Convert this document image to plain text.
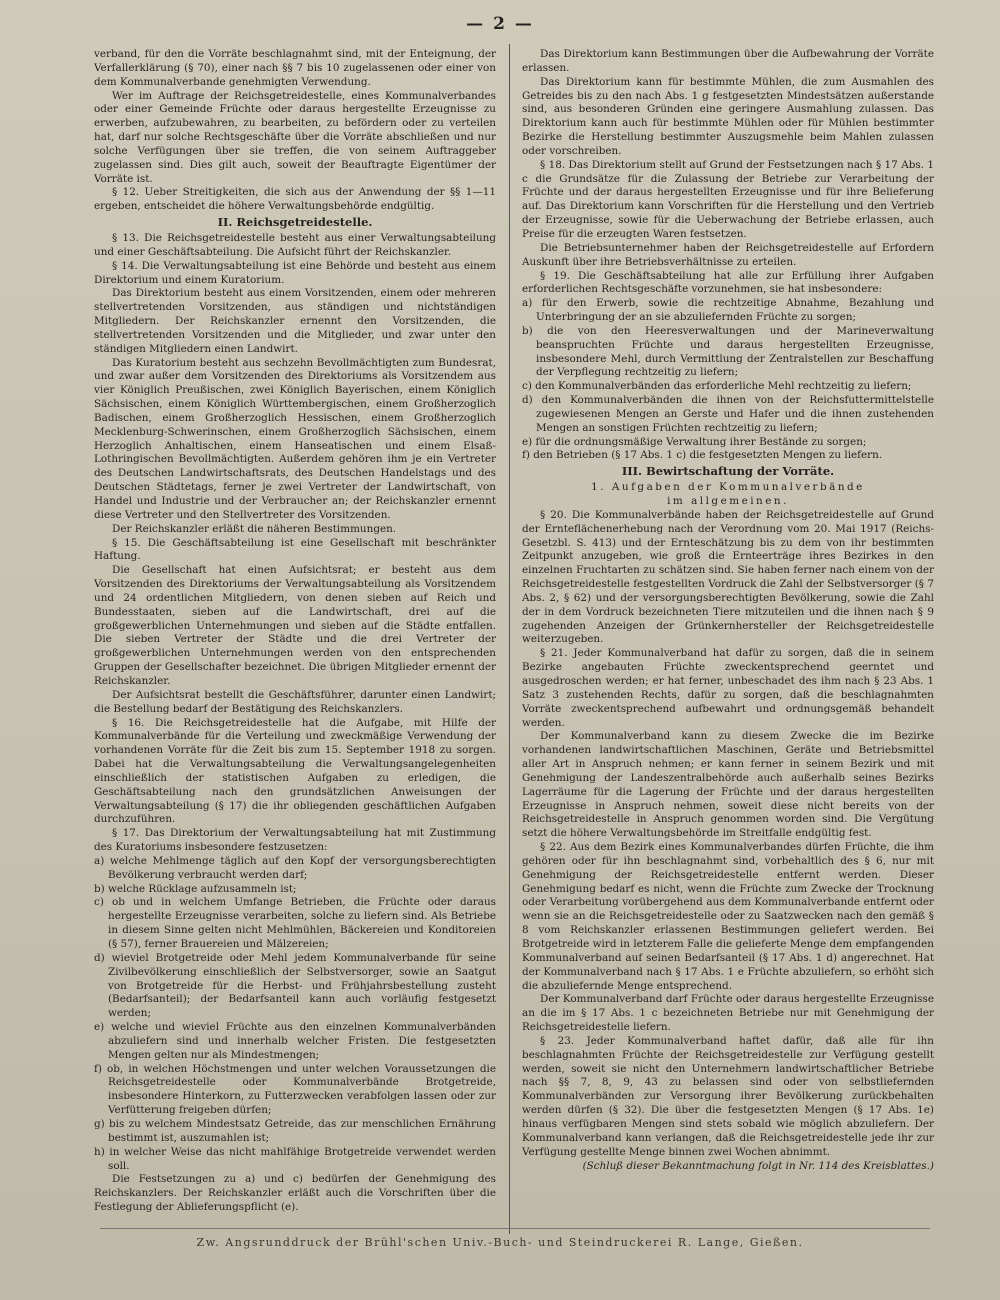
— 2 —

verband, für den die Vorräte beschlagnahmt sind, mit der Enteignung, der Verfallerklärung (§ 70), einer nach §§ 7 bis 10 zugelassenen oder einer von dem Kommunalverbande genehmigten Verwendung.

Wer im Auftrage der Reichsgetreidestelle, eines Kommunalverbandes oder einer Gemeinde Früchte oder daraus hergestellte Erzeugnisse zu erwerben, aufzubewahren, zu bearbeiten, zu befördern oder zu verteilen hat, darf nur solche Rechtsgeschäfte über die Vorräte abschließen und nur solche Verfügungen über sie treffen, die von seinem Auftraggeber zugelassen sind. Dies gilt auch, soweit der Beauftragte Eigentümer der Vorräte ist.

§ 12. Ueber Streitigkeiten, die sich aus der Anwendung der §§ 1—11 ergeben, entscheidet die höhere Verwaltungsbehörde endgültig.

II. Reichsgetreidestelle.

§ 13. Die Reichsgetreidestelle besteht aus einer Verwaltungsabteilung und einer Geschäftsabteilung. Die Aufsicht führt der Reichskanzler.

§ 14. Die Verwaltungsabteilung ist eine Behörde und besteht aus einem Direktorium und einem Kuratorium.

Das Direktorium besteht aus einem Vorsitzenden, einem oder mehreren stellvertretenden Vorsitzenden, aus ständigen und nichtständigen Mitgliedern. Der Reichskanzler ernennt den Vorsitzenden, die stellvertretenden Vorsitzenden und die Mitglieder, und zwar unter den ständigen Mitgliedern einen Landwirt.

Das Kuratorium besteht aus sechzehn Bevollmächtigten zum Bundesrat, und zwar außer dem Vorsitzenden des Direktoriums als Vorsitzendem aus vier Königlich Preußischen, zwei Königlich Bayerischen, einem Königlich Sächsischen, einem Königlich Württembergischen, einem Großherzoglich Badischen, einem Großherzoglich Hessischen, einem Großherzoglich Mecklenburg-Schwerinschen, einem Großherzoglich Sächsischen, einem Herzoglich Anhaltischen, einem Hanseatischen und einem Elsaß-Lothringischen Bevollmächtigten. Außerdem gehören ihm je ein Vertreter des Deutschen Landwirtschaftsrats, des Deutschen Handelstags und des Deutschen Städtetags, ferner je zwei Vertreter der Landwirtschaft, von Handel und Industrie und der Verbraucher an; der Reichskanzler ernennt diese Vertreter und den Stellvertreter des Vorsitzenden.

Der Reichskanzler erläßt die näheren Bestimmungen.

§ 15. Die Geschäftsabteilung ist eine Gesellschaft mit beschränkter Haftung.

Die Gesellschaft hat einen Aufsichtsrat; er besteht aus dem Vorsitzenden des Direktoriums der Verwaltungsabteilung als Vorsitzendem und 24 ordentlichen Mitgliedern, von denen sieben auf Reich und Bundesstaaten, sieben auf die Landwirtschaft, drei auf die großgewerblichen Unternehmungen und sieben auf die Städte entfallen. Die sieben Vertreter der Städte und die drei Vertreter der großgewerblichen Unternehmungen werden von den entsprechenden Gruppen der Gesellschafter bezeichnet. Die übrigen Mitglieder ernennt der Reichskanzler.

Der Aufsichtsrat bestellt die Geschäftsführer, darunter einen Landwirt; die Bestellung bedarf der Bestätigung des Reichskanzlers.

§ 16. Die Reichsgetreidestelle hat die Aufgabe, mit Hilfe der Kommunalverbände für die Verteilung und zweckmäßige Verwendung der vorhandenen Vorräte für die Zeit bis zum 15. September 1918 zu sorgen. Dabei hat die Verwaltungsabteilung die Verwaltungsangelegenheiten einschließlich der statistischen Aufgaben zu erledigen, die Geschäftsabteilung nach den grundsätzlichen Anweisungen der Verwaltungsabteilung (§ 17) die ihr obliegenden geschäftlichen Aufgaben durchzuführen.

§ 17. Das Direktorium der Verwaltungsabteilung hat mit Zustimmung des Kuratoriums insbesondere festzusetzen:

a) welche Mehlmenge täglich auf den Kopf der versorgungsberechtigten Bevölkerung verbraucht werden darf;

b) welche Rücklage aufzusammeln ist;

c) ob und in welchem Umfange Betrieben, die Früchte oder daraus hergestellte Erzeugnisse verarbeiten, solche zu liefern sind. Als Betriebe in diesem Sinne gelten nicht Mehlmühlen, Bäckereien und Konditoreien (§ 57), ferner Brauereien und Mälzereien;

d) wieviel Brotgetreide oder Mehl jedem Kommunalverbande für seine Zivilbevölkerung einschließlich der Selbstversorger, sowie an Saatgut von Brotgetreide für die Herbst- und Frühjahrsbestellung zusteht (Bedarfsanteil); der Bedarfsanteil kann auch vorläufig festgesetzt werden;

e) welche und wieviel Früchte aus den einzelnen Kommunalverbänden abzuliefern sind und innerhalb welcher Fristen. Die festgesetzten Mengen gelten nur als Mindestmengen;

f) ob, in welchen Höchstmengen und unter welchen Voraussetzungen die Reichsgetreidestelle oder Kommunalverbände Brotgetreide, insbesondere Hinterkorn, zu Futterzwecken verabfolgen lassen oder zur Verfütterung freigeben dürfen;

g) bis zu welchem Mindestsatz Getreide, das zur menschlichen Ernährung bestimmt ist, auszumahlen ist;

h) in welcher Weise das nicht mahlfähige Brotgetreide verwendet werden soll.

Die Festsetzungen zu a) und c) bedürfen der Genehmigung des Reichskanzlers. Der Reichskanzler erläßt auch die Vorschriften über die Festlegung der Ablieferungspflicht (e).

Das Direktorium kann Bestimmungen über die Aufbewahrung der Vorräte erlassen.

Das Direktorium kann für bestimmte Mühlen, die zum Ausmahlen des Getreides bis zu den nach Abs. 1 g festgesetzten Mindestsätzen außerstande sind, aus besonderen Gründen eine geringere Ausmahlung zulassen. Das Direktorium kann auch für bestimmte Mühlen oder für Mühlen bestimmter Bezirke die Herstellung bestimmter Auszugsmehle beim Mahlen zulassen oder vorschreiben.

§ 18. Das Direktorium stellt auf Grund der Festsetzungen nach § 17 Abs. 1 c die Grundsätze für die Zulassung der Betriebe zur Verarbeitung der Früchte und der daraus hergestellten Erzeugnisse und für ihre Belieferung auf. Das Direktorium kann Vorschriften für die Herstellung und den Vertrieb der Erzeugnisse, sowie für die Ueberwachung der Betriebe erlassen, auch Preise für die erzeugten Waren festsetzen.

Die Betriebsunternehmer haben der Reichsgetreidestelle auf Erfordern Auskunft über ihre Betriebsverhältnisse zu erteilen.

§ 19. Die Geschäftsabteilung hat alle zur Erfüllung ihrer Aufgaben erforderlichen Rechtsgeschäfte vorzunehmen, sie hat insbesondere:

a) für den Erwerb, sowie die rechtzeitige Abnahme, Bezahlung und Unterbringung der an sie abzuliefernden Früchte zu sorgen;

b) die von den Heeresverwaltungen und der Marineverwaltung beanspruchten Früchte und daraus hergestellten Erzeugnisse, insbesondere Mehl, durch Vermittlung der Zentralstellen zur Beschaffung der Verpflegung rechtzeitig zu liefern;

c) den Kommunalverbänden das erforderliche Mehl rechtzeitig zu liefern;

d) den Kommunalverbänden die ihnen von der Reichsfuttermittelstelle zugewiesenen Mengen an Gerste und Hafer und die ihnen zustehenden Mengen an sonstigen Früchten rechtzeitig zu liefern;

e) für die ordnungsmäßige Verwaltung ihrer Bestände zu sorgen;

f) den Betrieben (§ 17 Abs. 1 c) die festgesetzten Mengen zu liefern.

III. Bewirtschaftung der Vorräte.
1. Aufgaben der Kommunalverbände
im allgemeinen.

§ 20. Die Kommunalverbände haben der Reichsgetreidestelle auf Grund der Ernteflächenerhebung nach der Verordnung vom 20. Mai 1917 (Reichs-Gesetzbl. S. 413) und der Ernteschätzung bis zu dem von ihr bestimmten Zeitpunkt anzugeben, wie groß die Ernteerträge ihres Bezirkes in den einzelnen Fruchtarten zu schätzen sind. Sie haben ferner nach einem von der Reichsgetreidestelle festgestellten Vordruck die Zahl der Selbstversorger (§ 7 Abs. 2, § 62) und der versorgungsberechtigten Bevölkerung, sowie die Zahl der in dem Vordruck bezeichneten Tiere mitzuteilen und die ihnen nach § 9 zugehenden Anzeigen der Grünkernhersteller der Reichsgetreidestelle weiterzugeben.

§ 21. Jeder Kommunalverband hat dafür zu sorgen, daß die in seinem Bezirke angebauten Früchte zweckentsprechend geerntet und ausgedroschen werden; er hat ferner, unbeschadet des ihm nach § 23 Abs. 1 Satz 3 zustehenden Rechts, dafür zu sorgen, daß die beschlagnahmten Vorräte zweckentsprechend aufbewahrt und ordnungsgemäß behandelt werden.

Der Kommunalverband kann zu diesem Zwecke die im Bezirke vorhandenen landwirtschaftlichen Maschinen, Geräte und Betriebsmittel aller Art in Anspruch nehmen; er kann ferner in seinem Bezirk und mit Genehmigung der Landeszentralbehörde auch außerhalb seines Bezirks Lagerräume für die Lagerung der Früchte und der daraus hergestellten Erzeugnisse in Anspruch nehmen, soweit diese nicht bereits von der Reichsgetreidestelle in Anspruch genommen worden sind. Die Vergütung setzt die höhere Verwaltungsbehörde im Streitfalle endgültig fest.

§ 22. Aus dem Bezirk eines Kommunalverbandes dürfen Früchte, die ihm gehören oder für ihn beschlagnahmt sind, vorbehaltlich des § 6, nur mit Genehmigung der Reichsgetreidestelle entfernt werden. Dieser Genehmigung bedarf es nicht, wenn die Früchte zum Zwecke der Trocknung oder Verarbeitung vorübergehend aus dem Kommunalverbande entfernt oder wenn sie an die Reichsgetreidestelle oder zu Saatzwecken nach den gemäß § 8 vom Reichskanzler erlassenen Bestimmungen geliefert werden. Bei Brotgetreide wird in letzterem Falle die gelieferte Menge dem empfangenden Kommunalverband auf seinen Bedarfsanteil (§ 17 Abs. 1 d) angerechnet. Hat der Kommunalverband nach § 17 Abs. 1 e Früchte abzuliefern, so erhöht sich die abzuliefernde Menge entsprechend.

Der Kommunalverband darf Früchte oder daraus hergestellte Erzeugnisse an die im § 17 Abs. 1 c bezeichneten Betriebe nur mit Genehmigung der Reichsgetreidestelle liefern.

§ 23. Jeder Kommunalverband haftet dafür, daß alle für ihn beschlagnahmten Früchte der Reichsgetreidestelle zur Verfügung gestellt werden, soweit sie nicht den Unternehmern landwirtschaftlicher Betriebe nach §§ 7, 8, 9, 43 zu belassen sind oder von selbstliefernden Kommunalverbänden zur Versorgung ihrer Bevölkerung zurückbehalten werden dürfen (§ 32). Die über die festgesetzten Mengen (§ 17 Abs. 1e) hinaus verfügbaren Mengen sind stets sobald wie möglich abzuliefern. Der Kommunalverband kann verlangen, daß die Reichsgetreidestelle jede ihr zur Verfügung gestellte Menge binnen zwei Wochen abnimmt.

(Schluß dieser Bekanntmachung folgt in Nr. 114 des Kreisblattes.)

Zw. Angsrunddruck der Brühl'schen Univ.-Buch- und Steindruckerei R. Lange, Gießen.
